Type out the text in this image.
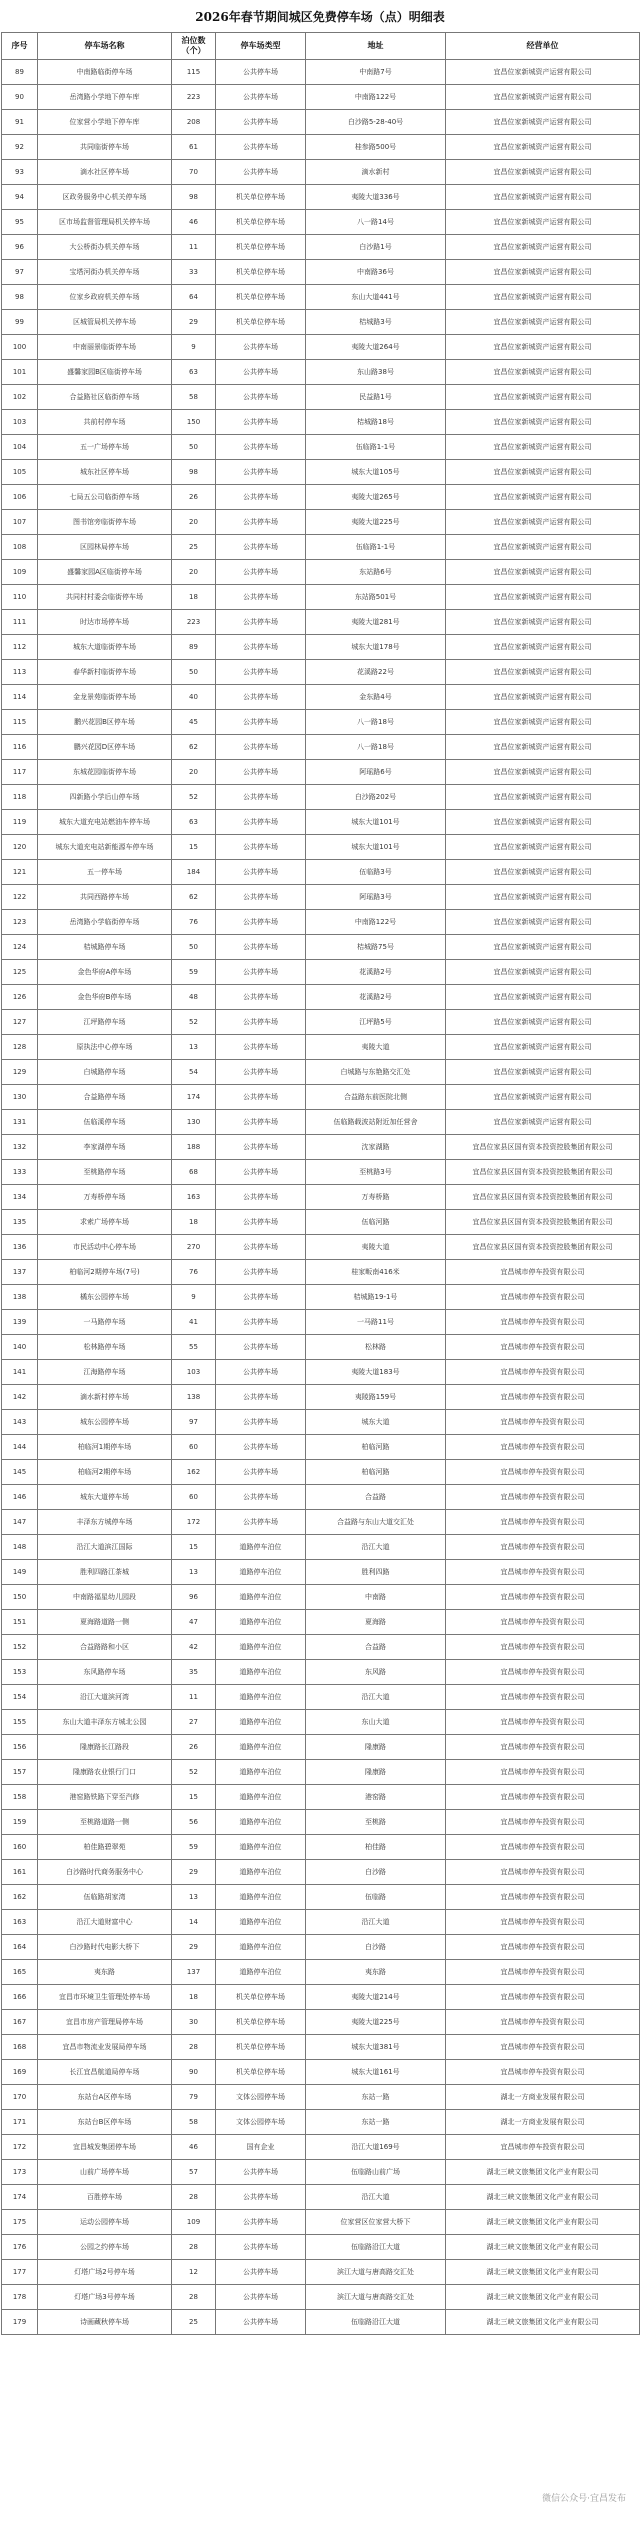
2026年春节期间城区免费停车场（点）明细表
序号	停车场名称	泊位数（个）	停车场类型	地址	经营单位
89	中南路临街停车场	115	公共停车场	中南路7号	宜昌位家新城资产运营有限公司
90	岳湾路小学地下停车库	223	公共停车场	中南路122号	宜昌位家新城资产运营有限公司
91	位家营小学地下停车库	208	公共停车场	白沙路5-28-40号	宜昌位家新城资产运营有限公司
92	共同临街停车场	61	公共停车场	桂参路500号	宜昌位家新城资产运营有限公司
93	滴水社区停车场	70	公共停车场	滴水新村	宜昌位家新城资产运营有限公司
94	区政务服务中心机关停车场	98	机关单位停车场	夷陵大道336号	宜昌位家新城资产运营有限公司
95	区市场监督管理局机关停车场	46	机关单位停车场	八一路14号	宜昌位家新城资产运营有限公司
96	大公桥街办机关停车场	11	机关单位停车场	白沙路1号	宜昌位家新城资产运营有限公司
97	宝塔河街办机关停车场	33	机关单位停车场	中南路36号	宜昌位家新城资产运营有限公司
98	位家乡政府机关停车场	64	机关单位停车场	东山大道441号	宜昌位家新城资产运营有限公司
99	区城管局机关停车场	29	机关单位停车场	桔城路3号	宜昌位家新城资产运营有限公司
100	中南丽景临街停车场	9	公共停车场	夷陵大道264号	宜昌位家新城资产运营有限公司
101	盛馨家园B区临街停车场	63	公共停车场	东山路38号	宜昌位家新城资产运营有限公司
102	合益路社区临街停车场	58	公共停车场	民益路1号	宜昌位家新城资产运营有限公司
103	共前村停车场	150	公共停车场	桔城路18号	宜昌位家新城资产运营有限公司
104	五一广场停车场	50	公共停车场	伍临路1-1号	宜昌位家新城资产运营有限公司
105	城东社区停车场	98	公共停车场	城东大道105号	宜昌位家新城资产运营有限公司
106	七局五公司临街停车场	26	公共停车场	夷陵大道265号	宜昌位家新城资产运营有限公司
107	图书馆旁临街停车场	20	公共停车场	夷陵大道225号	宜昌位家新城资产运营有限公司
108	区园林局停车场	25	公共停车场	伍临路1-1号	宜昌位家新城资产运营有限公司
109	盛馨家园A区临街停车场	20	公共停车场	东站路6号	宜昌位家新城资产运营有限公司
110	共同村村委会临街停车场	18	公共停车场	东站路501号	宜昌位家新城资产运营有限公司
111	时达市场停车场	223	公共停车场	夷陵大道281号	宜昌位家新城资产运营有限公司
112	城东大道临街停车场	89	公共停车场	城东大道178号	宜昌位家新城资产运营有限公司
113	春华新村临街停车场	50	公共停车场	花溪路22号	宜昌位家新城资产运营有限公司
114	金龙景苑临街停车场	40	公共停车场	金东路4号	宜昌位家新城资产运营有限公司
115	鹏兴花园B区停车场	45	公共停车场	八一路18号	宜昌位家新城资产运营有限公司
116	鹏兴花园D区停车场	62	公共停车场	八一路18号	宜昌位家新城资产运营有限公司
117	东城花园临街停车场	20	公共停车场	阿瑶路6号	宜昌位家新城资产运营有限公司
118	四新路小学后山停车场	52	公共停车场	白沙路202号	宜昌位家新城资产运营有限公司
119	城东大道充电站燃油车停车场	63	公共停车场	城东大道101号	宜昌位家新城资产运营有限公司
120	城东大道充电站新能源车停车场	15	公共停车场	城东大道101号	宜昌位家新城资产运营有限公司
121	五一停车场	184	公共停车场	伍临路3号	宜昌位家新城资产运营有限公司
122	共同西路停车场	62	公共停车场	阿瑶路3号	宜昌位家新城资产运营有限公司
123	岳湾路小学临街停车场	76	公共停车场	中南路122号	宜昌位家新城资产运营有限公司
124	桔城路停车场	50	公共停车场	桔城路75号	宜昌位家新城资产运营有限公司
125	金色华府A停车场	59	公共停车场	花溪路2号	宜昌位家新城资产运营有限公司
126	金色华府B停车场	48	公共停车场	花溪路2号	宜昌位家新城资产运营有限公司
127	江坪路停车场	52	公共停车场	江坪路5号	宜昌位家新城资产运营有限公司
128	原执法中心停车场	13	公共停车场	夷陵大道	宜昌位家新城资产运营有限公司
129	白城路停车场	54	公共停车场	白城路与东艳路交汇处	宜昌位家新城资产运营有限公司
130	合益路停车场	174	公共停车场	合益路东前医院北侧	宜昌位家新城资产运营有限公司
131	伍临溪停车场	130	公共停车场	伍临路载波站附近加任营舍	宜昌位家新城资产运营有限公司
132	李家湖停车场	188	公共停车场	沈家湖路	宜昌位家县区国有资本投资控股集团有限公司
133	至桃路停车场	68	公共停车场	至桃路3号	宜昌位家县区国有资本投资控股集团有限公司
134	万寿桥停车场	163	公共停车场	万寿桥路	宜昌位家县区国有资本投资控股集团有限公司
135	求索广场停车场	18	公共停车场	伍临河路	宜昌位家县区国有资本投资控股集团有限公司
136	市民活动中心停车场	270	公共停车场	夷陵大道	宜昌位家县区国有资本投资控股集团有限公司
137	柏临河2期停车场(7号)	76	公共停车场	桂家畈南416米	宜昌城市停车投资有限公司
138	橘东公园停车场	9	公共停车场	桔城路19-1号	宜昌城市停车投资有限公司
139	一马路停车场	41	公共停车场	一马路11号	宜昌城市停车投资有限公司
140	松林路停车场	55	公共停车场	松林路	宜昌城市停车投资有限公司
141	江海路停车场	103	公共停车场	夷陵大道183号	宜昌城市停车投资有限公司
142	滴水新村停车场	138	公共停车场	夷陵路159号	宜昌城市停车投资有限公司
143	城东公园停车场	97	公共停车场	城东大道	宜昌城市停车投资有限公司
144	柏临河1期停车场	60	公共停车场	柏临河路	宜昌城市停车投资有限公司
145	柏临河2期停车场	162	公共停车场	柏临河路	宜昌城市停车投资有限公司
146	城东大道停车场	60	公共停车场	合益路	宜昌城市停车投资有限公司
147	丰泽东方城停车场	172	公共停车场	合益路与东山大道交汇处	宜昌城市停车投资有限公司
148	沿江大道滨江国际	15	道路停车泊位	沿江大道	宜昌城市停车投资有限公司
149	胜利四路江茶城	13	道路停车泊位	胜利四路	宜昌城市停车投资有限公司
150	中南路福星幼儿园段	96	道路停车泊位	中南路	宜昌城市停车投资有限公司
151	夏海路道路一侧	47	道路停车泊位	夏海路	宜昌城市停车投资有限公司
152	合益路路和小区	42	道路停车泊位	合益路	宜昌城市停车投资有限公司
153	东风路停车场	35	道路停车泊位	东风路	宜昌城市停车投资有限公司
154	沿江大道滨河湾	11	道路停车泊位	沿江大道	宜昌城市停车投资有限公司
155	东山大道丰泽东方城北公园	27	道路停车泊位	东山大道	宜昌城市停车投资有限公司
156	隆康路长江路段	26	道路停车泊位	隆康路	宜昌城市停车投资有限公司
157	隆康路农业银行门口	52	道路停车泊位	隆康路	宜昌城市停车投资有限公司
158	港窑路铁路下穿至汽修	15	道路停车泊位	港窑路	宜昌城市停车投资有限公司
159	至桃路道路一侧	56	道路停车泊位	至桃路	宜昌城市停车投资有限公司
160	柏佳路碧翠苑	59	道路停车泊位	柏佳路	宜昌城市停车投资有限公司
161	白沙路时代商务服务中心	29	道路停车泊位	白沙路	宜昌城市停车投资有限公司
162	伍临路胡家湾	13	道路停车泊位	伍临路	宜昌城市停车投资有限公司
163	沿江大道财富中心	14	道路停车泊位	沿江大道	宜昌城市停车投资有限公司
164	白沙路时代电影大桥下	29	道路停车泊位	白沙路	宜昌城市停车投资有限公司
165	夷东路	137	道路停车泊位	夷东路	宜昌城市停车投资有限公司
166	宜昌市环境卫生管理处停车场	18	机关单位停车场	夷陵大道214号	宜昌城市停车投资有限公司
167	宜昌市房产管理局停车场	30	机关单位停车场	夷陵大道225号	宜昌城市停车投资有限公司
168	宜昌市物流业发展局停车场	28	机关单位停车场	城东大道381号	宜昌城市停车投资有限公司
169	长江宜昌航道局停车场	90	机关单位停车场	城东大道161号	宜昌城市停车投资有限公司
170	东站台A区停车场	79	文体公园停车场	东站一路	湖北一方商业发展有限公司
171	东站台B区停车场	58	文体公园停车场	东站一路	湖北一方商业发展有限公司
172	宜昌城发集团停车场	46	国有企业	沿江大道169号	宜昌城市停车投资有限公司
173	山前广场停车场	57	公共停车场	伍临路山前广场	湖北三峡文旅集团文化产业有限公司
174	百胜停车场	28	公共停车场	沿江大道	湖北三峡文旅集团文化产业有限公司
175	运动公园停车场	109	公共停车场	位家营区位家营大桥下	湖北三峡文旅集团文化产业有限公司
176	公园之约停车场	28	公共停车场	伍临路沿江大道	湖北三峡文旅集团文化产业有限公司
177	灯塔广场2号停车场	12	公共停车场	滨江大道与唐高路交汇处	湖北三峡文旅集团文化产业有限公司
178	灯塔广场3号停车场	28	公共停车场	滨江大道与唐高路交汇处	湖北三峡文旅集团文化产业有限公司
179	诗画藏秋停车场	25	公共停车场	伍临路沿江大道	湖北三峡文旅集团文化产业有限公司
微信公众号·宜昌发布
